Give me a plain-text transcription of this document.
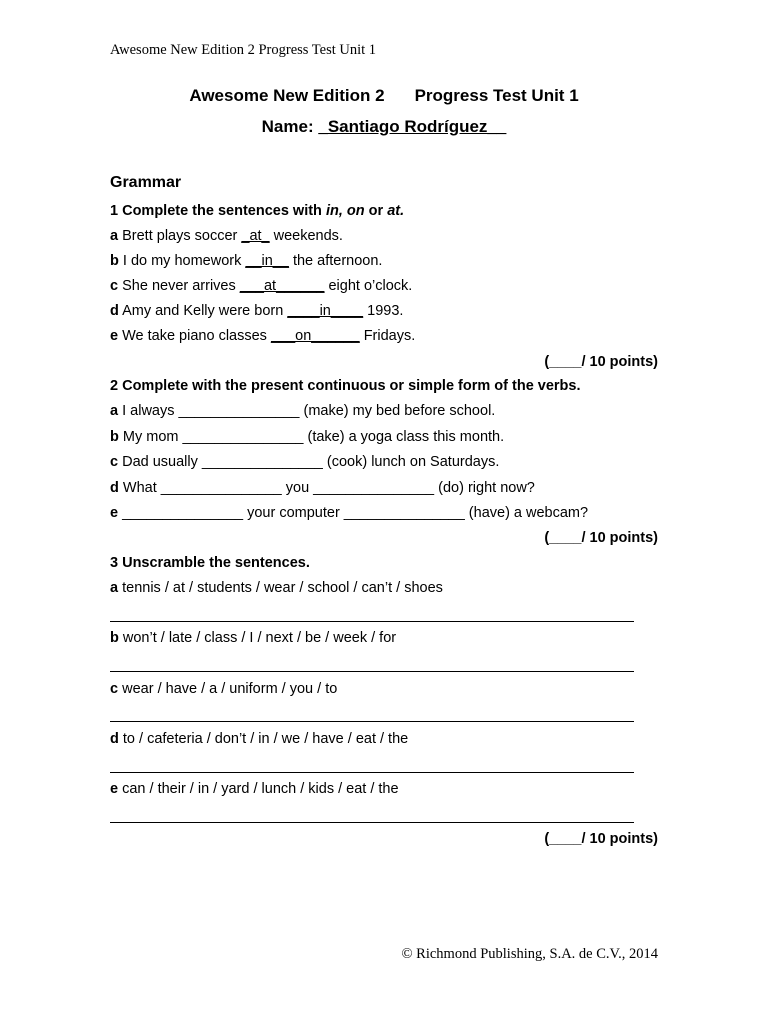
Awesome New Edition 2 Progress Test Unit 1
Awesome New Edition 2 Progress Test Unit 1
Name: _Santiago Rodríguez__
Grammar
1 Complete the sentences with in, on or at.
a Brett plays soccer _at_ weekends.
b I do my homework __in__ the afternoon.
c She never arrives ___at______ eight o’clock.
d Amy and Kelly were born ____in____ 1993.
e We take piano classes ___on______ Fridays.
(____/ 10 points)
2 Complete with the present continuous or simple form of the verbs.
a I always _______________ (make) my bed before school.
b My mom _______________ (take) a yoga class this month.
c Dad usually _______________ (cook) lunch on Saturdays.
d What _______________ you _______________ (do) right now?
e _______________ your computer _______________ (have) a webcam?
(____/ 10 points)
3 Unscramble the sentences.
a tennis / at / students / wear / school / can’t / shoes
b won’t / late / class / I / next / be / week / for
c wear / have / a / uniform / you / to
d to / cafeteria / don’t / in / we / have / eat / the
e can / their / in / yard / lunch / kids / eat / the
(____/ 10 points)
© Richmond Publishing, S.A. de C.V., 2014
